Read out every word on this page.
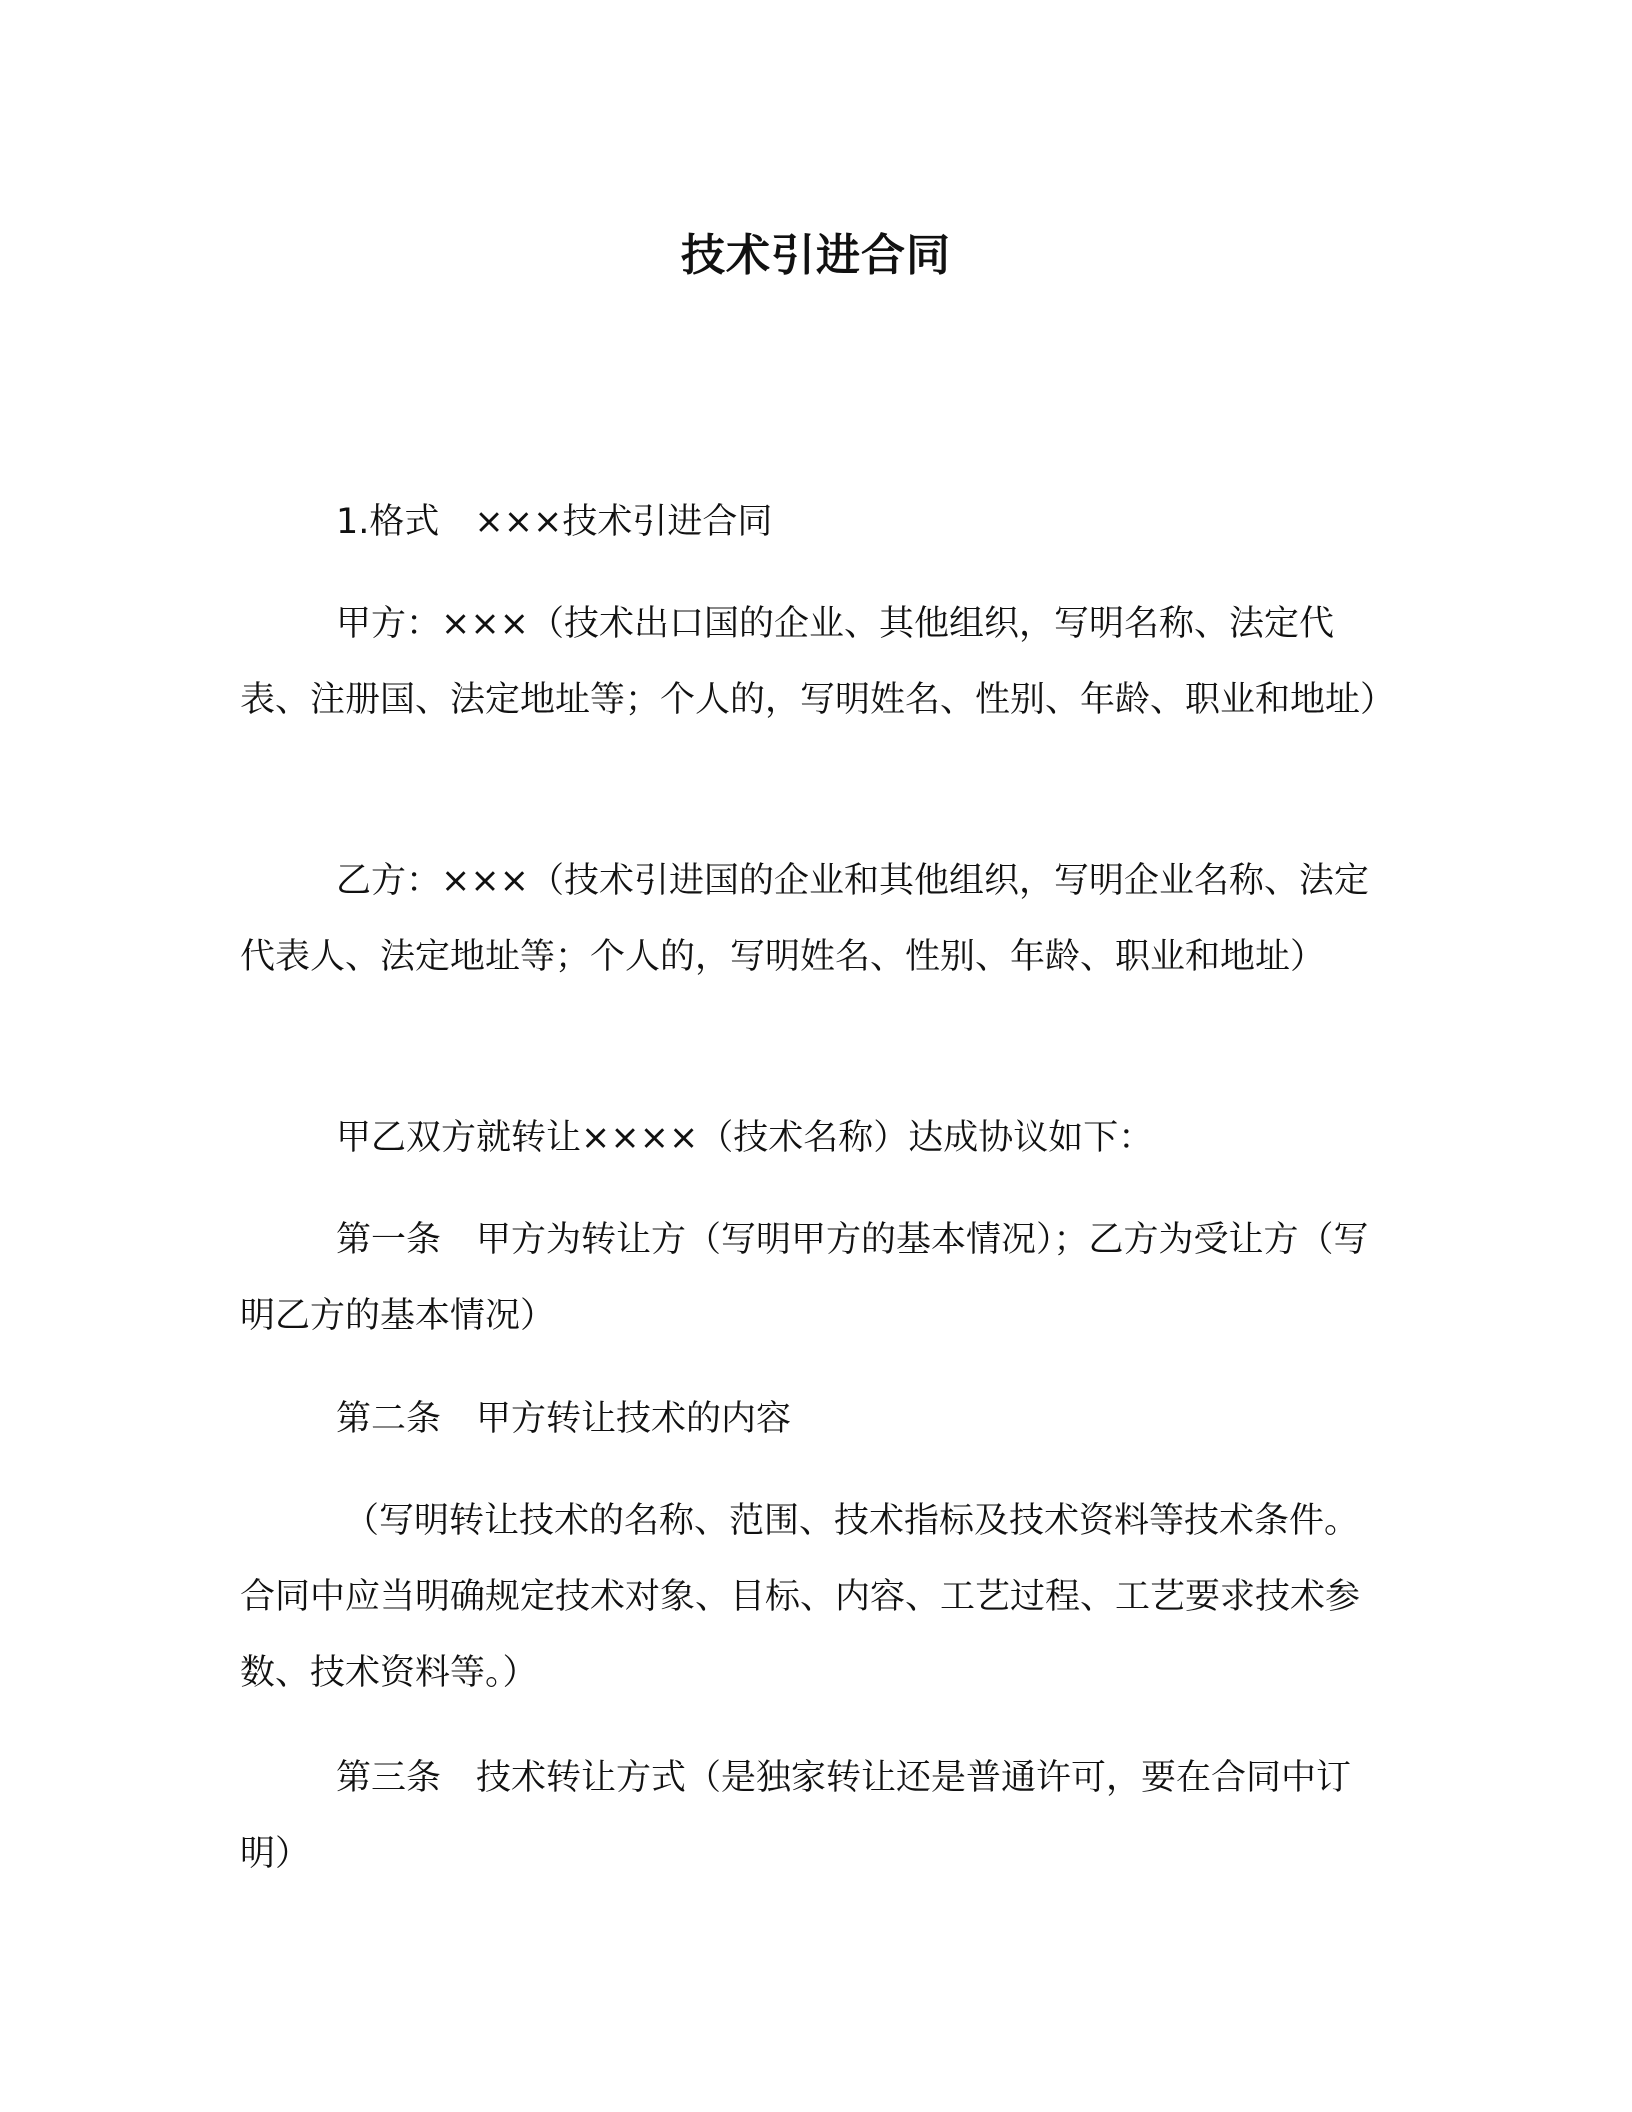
技术引进合同

1.格式　×××技术引进合同

甲方：×××（技术出口国的企业、其他组织，写明名称、法定代表、注册国、法定地址等；个人的，写明姓名、性别、年龄、职业和地址）

乙方：×××（技术引进国的企业和其他组织，写明企业名称、法定代表人、法定地址等；个人的，写明姓名、性别、年龄、职业和地址）

甲乙双方就转让××××（技术名称）达成协议如下：

第一条　甲方为转让方（写明甲方的基本情况）；乙方为受让方（写明乙方的基本情况）

第二条　甲方转让技术的内容

（写明转让技术的名称、范围、技术指标及技术资料等技术条件。合同中应当明确规定技术对象、目标、内容、工艺过程、工艺要求技术参数、技术资料等。）

第三条　技术转让方式（是独家转让还是普通许可，要在合同中订明）
